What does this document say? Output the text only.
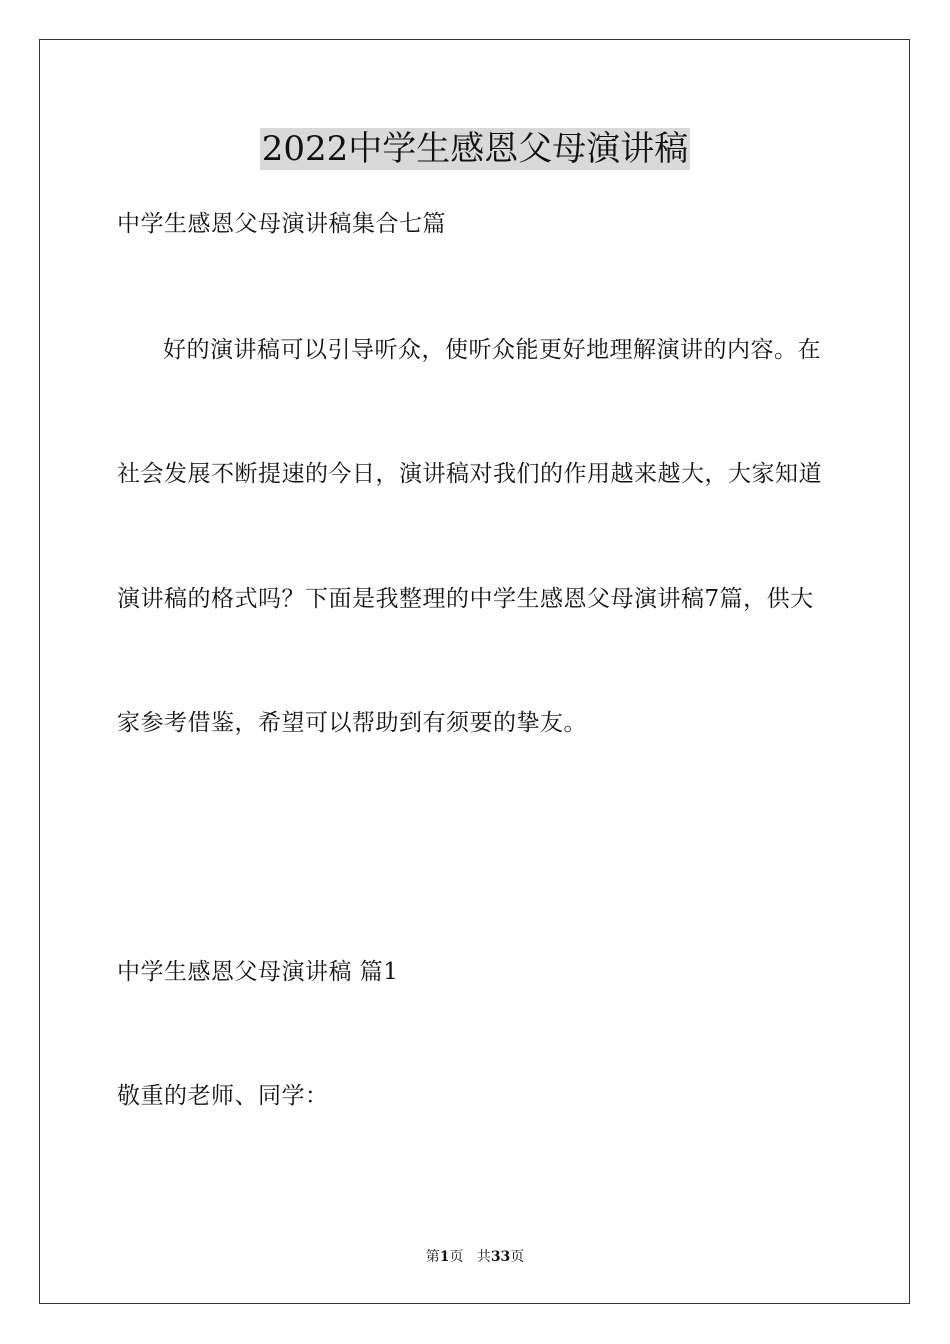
2022中学生感恩父母演讲稿
中学生感恩父母演讲稿集合七篇
好的演讲稿可以引导听众，使听众能更好地理解演讲的内容。在
社会发展不断提速的今日，演讲稿对我们的作用越来越大，大家知道
演讲稿的格式吗？下面是我整理的中学生感恩父母演讲稿7篇，供大
家参考借鉴，希望可以帮助到有须要的挚友。
中学生感恩父母演讲稿 篇1
敬重的老师、同学：
第1页 共33页
